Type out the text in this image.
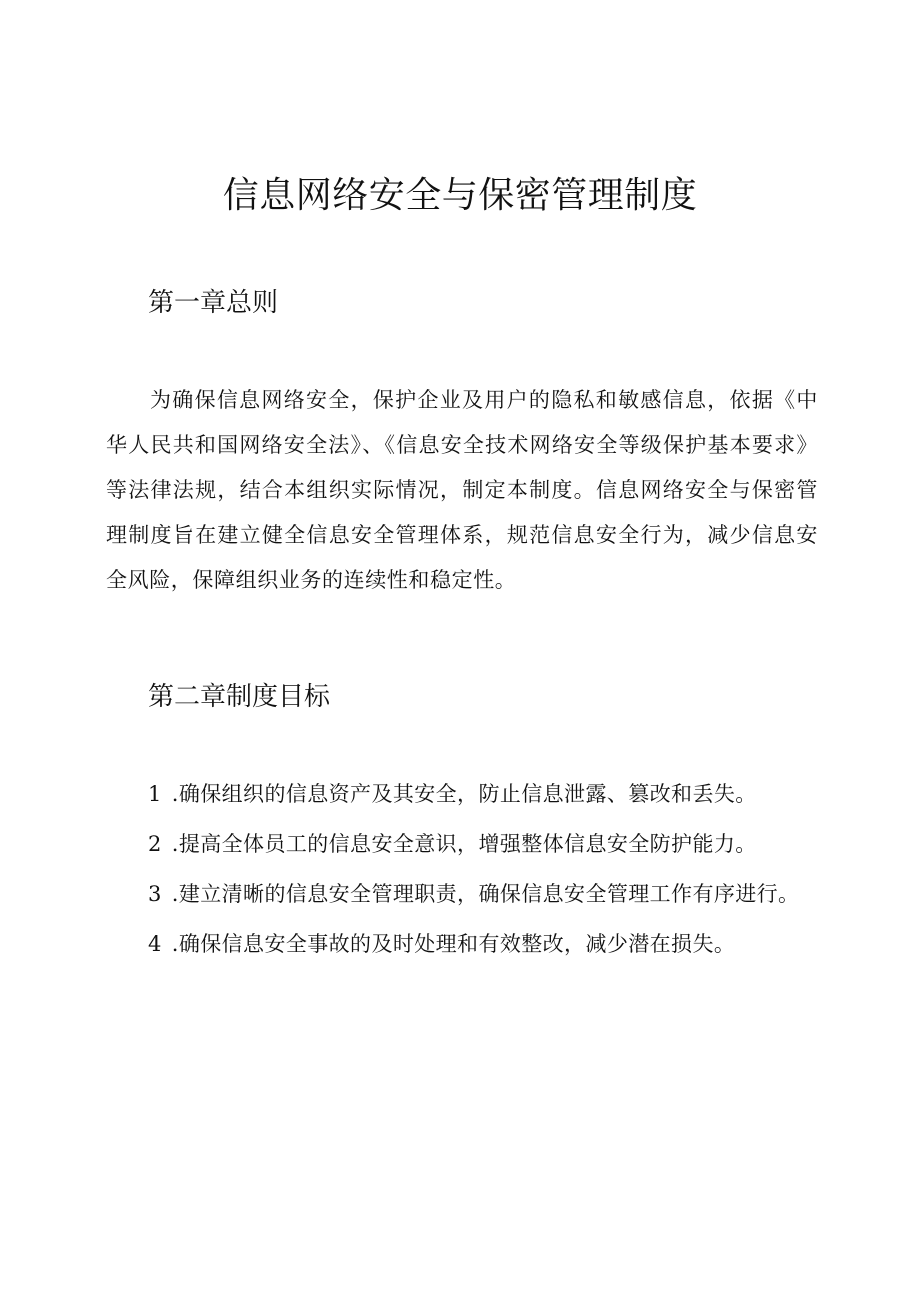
信息网络安全与保密管理制度
第一章总则

为确保信息网络安全，保护企业及用户的隐私和敏感信息，依据《中华人民共和国网络安全法》、《信息安全技术网络安全等级保护基本要求》等法律法规，结合本组织实际情况，制定本制度。信息网络安全与保密管理制度旨在建立健全信息安全管理体系，规范信息安全行为，减少信息安全风险，保障组织业务的连续性和稳定性。

第二章制度目标
1 .确保组织的信息资产及其安全，防止信息泄露、篡改和丢失。
2 .提高全体员工的信息安全意识，增强整体信息安全防护能力。
3 .建立清晰的信息安全管理职责，确保信息安全管理工作有序进行。
4 .确保信息安全事故的及时处理和有效整改，减少潜在损失。
